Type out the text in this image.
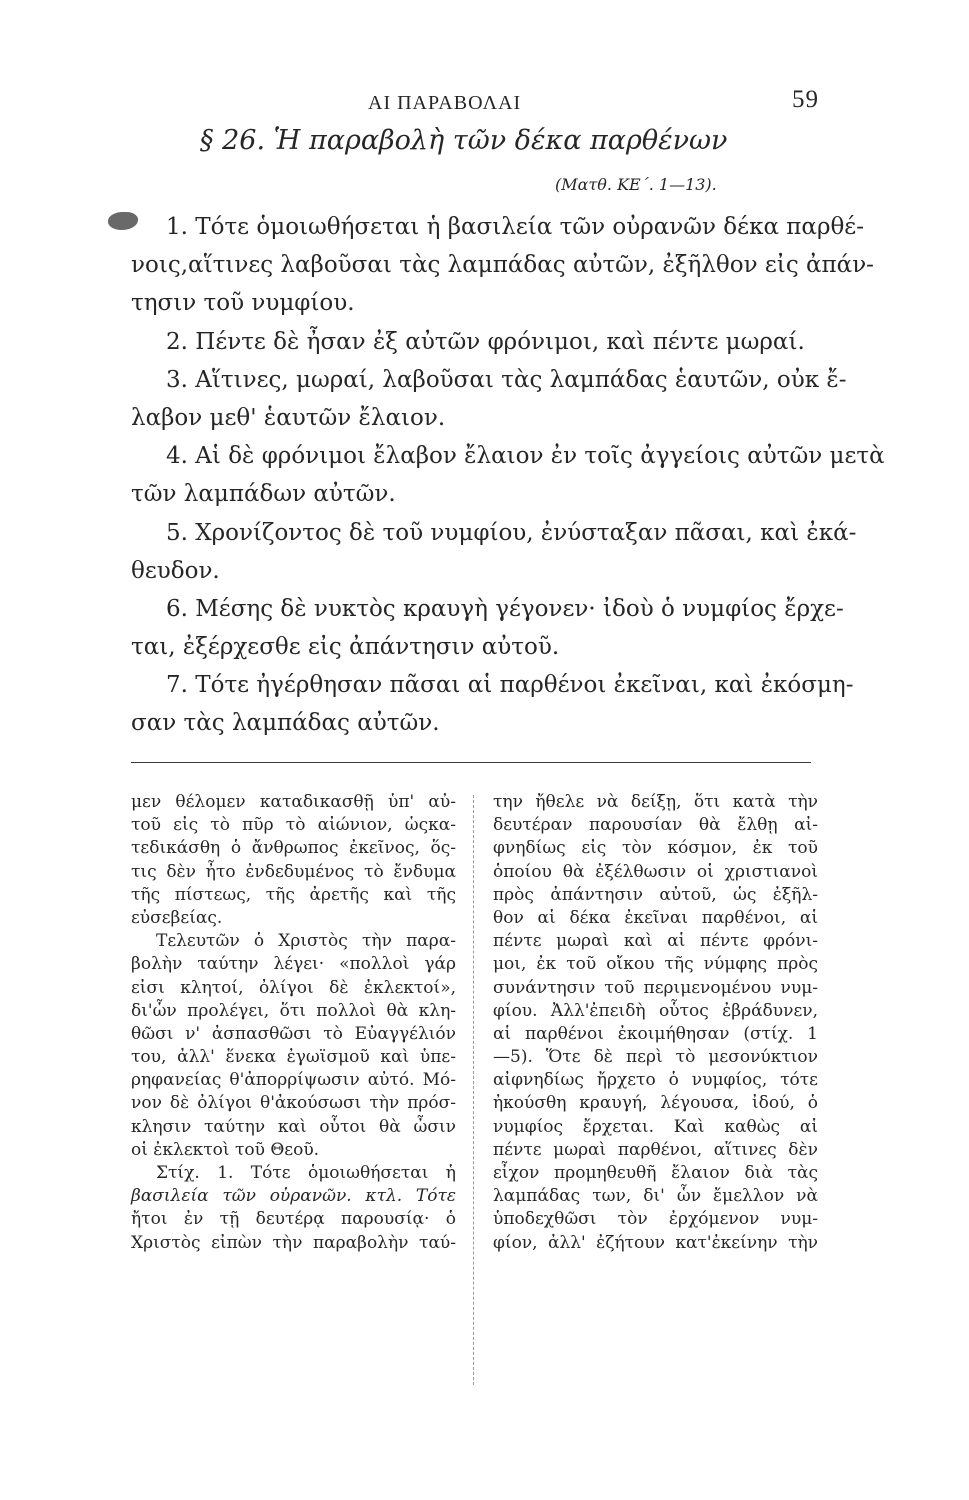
ΑΙ ΠΑΡΑΒΟΛΑΙ	59
§ 26. Ἡ παραβολὴ τῶν δέκα παρθένων
(Ματθ. ΚΕ΄. 1—13).
1. Τότε ὁμοιωθήσεται ἡ βασιλεία τῶν οὐρανῶν δέκα παρθέ-
νοις,αἵτινες λαβοῦσαι τὰς λαμπάδας αὐτῶν, ἐξῆλθον εἰς ἀπάν-
τησιν τοῦ νυμφίου.
2. Πέντε δὲ ἦσαν ἐξ αὐτῶν φρόνιμοι, καὶ πέντε μωραί.
3. Αἵτινες, μωραί, λαβοῦσαι τὰς λαμπάδας ἑαυτῶν, οὐκ ἔ-
λαβον μεθ' ἑαυτῶν ἔλαιον.
4. Αἱ δὲ φρόνιμοι ἔλαβον ἔλαιον ἐν τοῖς ἀγγείοις αὐτῶν μετὰ
τῶν λαμπάδων αὐτῶν.
5. Χρονίζοντος δὲ τοῦ νυμφίου, ἐνύσταξαν πᾶσαι, καὶ ἐκά-
θευδον.
6. Μέσης δὲ νυκτὸς κραυγὴ γέγονεν· ἰδοὺ ὁ νυμφίος ἔρχε-
ται, ἐξέρχεσθε εἰς ἀπάντησιν αὐτοῦ.
7. Τότε ἠγέρθησαν πᾶσαι αἱ παρθένοι ἐκεῖναι, καὶ ἐκόσμη-
σαν τὰς λαμπάδας αὐτῶν.
μεν θέλομεν καταδικασθῇ ὑπ' αὐ-
τοῦ εἰς τὸ πῦρ τὸ αἰώνιον, ὡςκα-
τεδικάσθη ὁ ἄνθρωπος ἐκεῖνος, ὅς-
τις δὲν ἦτο ἐνδεδυμένος τὸ ἔνδυμα
τῆς πίστεως, τῆς ἀρετῆς καὶ τῆς
εὐσεβείας.
Τελευτῶν ὁ Χριστὸς τὴν παρα-
βολὴν ταύτην λέγει· «πολλοὶ γάρ
εἰσι κλητοί, ὀλίγοι δὲ ἐκλεκτοί»,
δι'ὧν προλέγει, ὅτι πολλοὶ θὰ κλη-
θῶσι ν' ἀσπασθῶσι τὸ Εὐαγγέλιόν
του, ἀλλ' ἕνεκα ἐγωϊσμοῦ καὶ ὑπε-
ρηφανείας θ'ἀπορρίψωσιν αὐτό. Μό-
νον δὲ ὀλίγοι θ'ἀκούσωσι τὴν πρόσ-
κλησιν ταύτην καὶ οὗτοι θὰ ὦσιν
οἱ ἐκλεκτοὶ τοῦ Θεοῦ.
Στίχ. 1. Τότε ὁμοιωθήσεται ἡ
βασιλεία τῶν οὐρανῶν. κτλ. Τότε
ἤτοι ἐν τῇ δευτέρᾳ παρουσίᾳ· ὁ
Χριστὸς εἰπὼν τὴν παραβολὴν ταύ-
την ἤθελε νὰ δείξῃ, ὅτι κατὰ τὴν
δευτέραν παρουσίαν θὰ ἔλθῃ αἰ-
φνηδίως εἰς τὸν κόσμον, ἐκ τοῦ
ὁποίου θὰ ἐξέλθωσιν οἱ χριστιανοὶ
πρὸς ἀπάντησιν αὐτοῦ, ὡς ἐξῆλ-
θον αἱ δέκα ἐκεῖναι παρθένοι, αἱ
πέντε μωραὶ καὶ αἱ πέντε φρόνι-
μοι, ἐκ τοῦ οἴκου τῆς νύμφης πρὸς
συνάντησιν τοῦ περιμενομένου νυμ-
φίου. Ἀλλ'ἐπειδὴ οὗτος ἐβράδυνεν,
αἱ παρθένοι ἐκοιμήθησαν (στίχ. 1
—5). Ὅτε δὲ περὶ τὸ μεσονύκτιον
αἰφνηδίως ἤρχετο ὁ νυμφίος, τότε
ἠκούσθη κραυγή, λέγουσα, ἰδού, ὁ
νυμφίος ἔρχεται. Καὶ καθὼς αἱ
πέντε μωραὶ παρθένοι, αἵτινες δὲν
εἶχον προμηθευθῆ ἔλαιον διὰ τὰς
λαμπάδας των, δι' ὧν ἔμελλον νὰ
ὑποδεχθῶσι τὸν ἐρχόμενον νυμ-
φίον, ἀλλ' ἐζήτουν κατ'ἐκείνην τὴν
